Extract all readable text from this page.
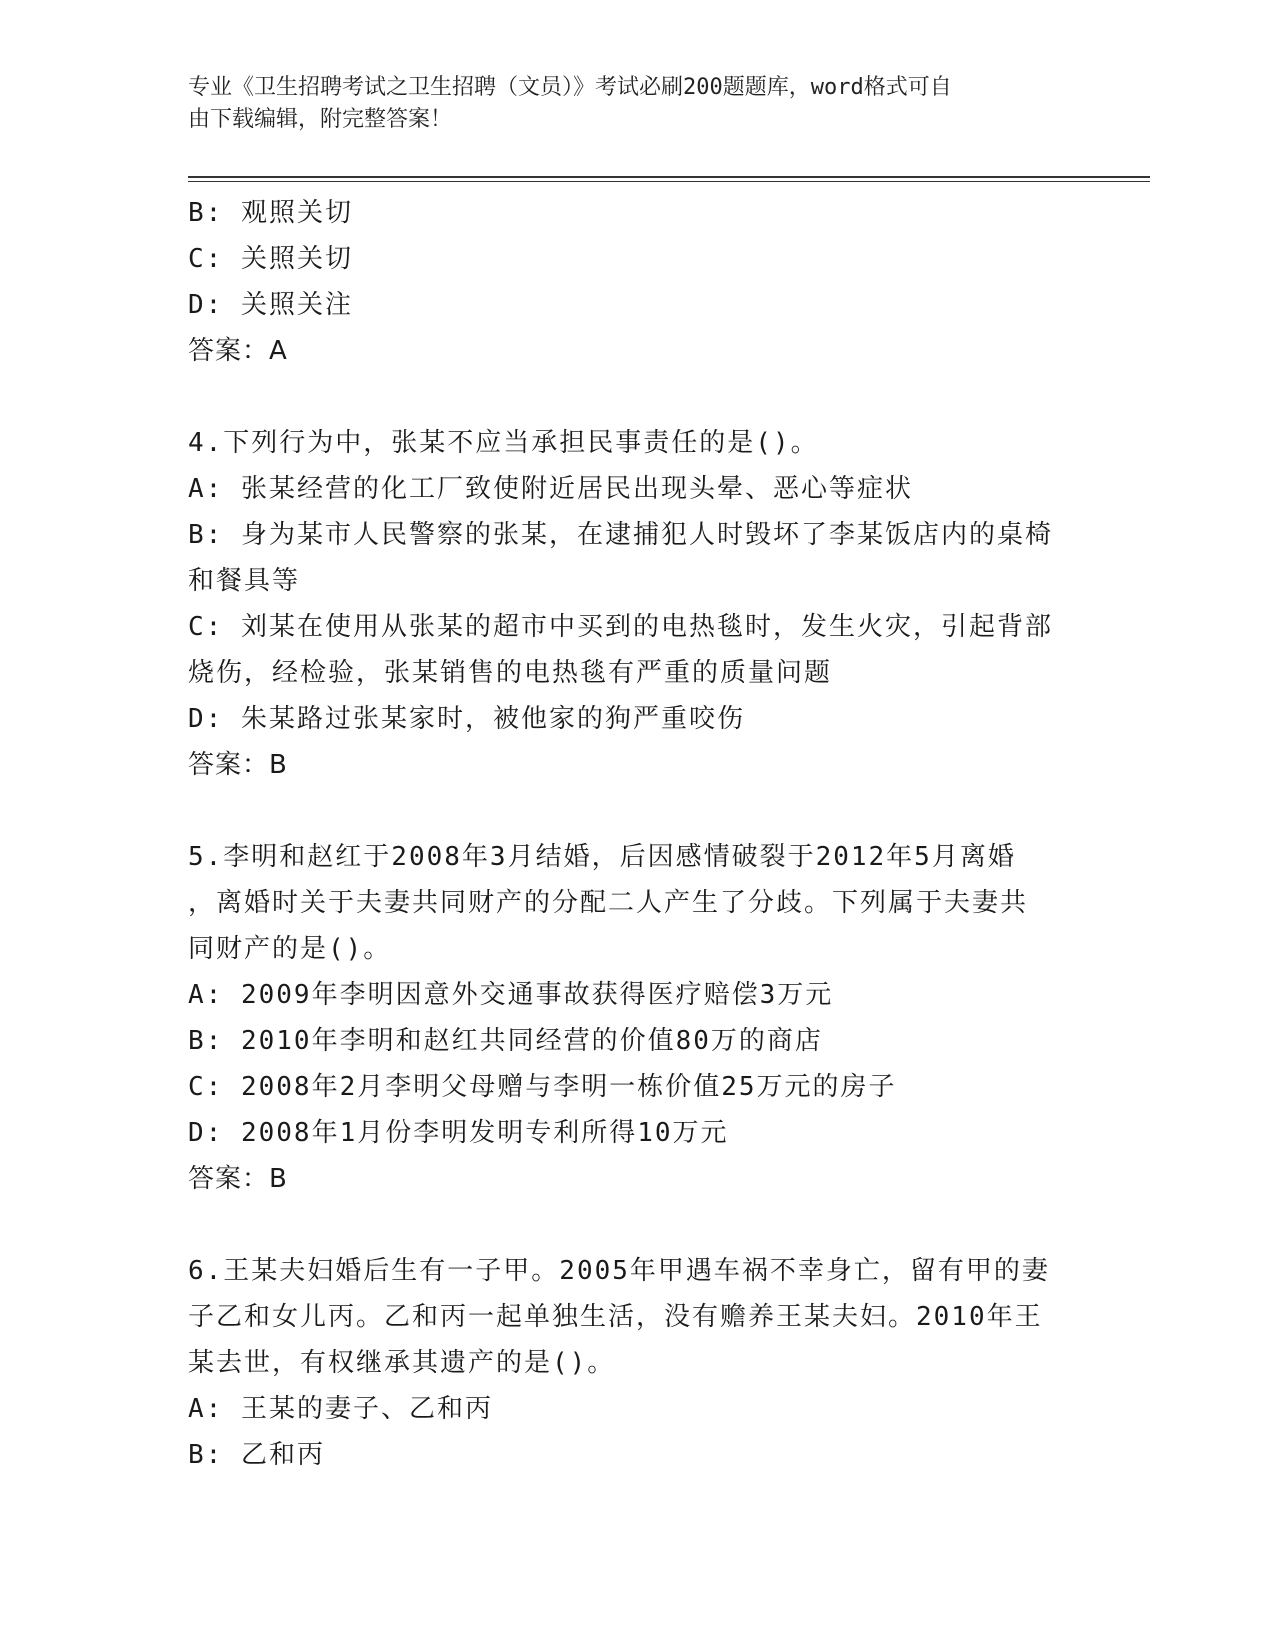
专业《卫生招聘考试之卫生招聘（文员）》考试必刷200题题库，word格式可自
由下载编辑，附完整答案！

B: 观照关切

C: 关照关切

D: 关照关注

答案：A

4.下列行为中，张某不应当承担民事责任的是()。

A: 张某经营的化工厂致使附近居民出现头晕、恶心等症状

B: 身为某市人民警察的张某，在逮捕犯人时毁坏了李某饭店内的桌椅

和餐具等

C: 刘某在使用从张某的超市中买到的电热毯时，发生火灾，引起背部

烧伤，经检验，张某销售的电热毯有严重的质量问题

D: 朱某路过张某家时，被他家的狗严重咬伤

答案：B

5.李明和赵红于2008年3月结婚，后因感情破裂于2012年5月离婚

，离婚时关于夫妻共同财产的分配二人产生了分歧。下列属于夫妻共

同财产的是()。

A: 2009年李明因意外交通事故获得医疗赔偿3万元

B: 2010年李明和赵红共同经营的价值80万的商店

C: 2008年2月李明父母赠与李明一栋价值25万元的房子

D: 2008年1月份李明发明专利所得10万元

答案：B

6.王某夫妇婚后生有一子甲。2005年甲遇车祸不幸身亡，留有甲的妻

子乙和女儿丙。乙和丙一起单独生活，没有赡养王某夫妇。2010年王

某去世，有权继承其遗产的是()。

A: 王某的妻子、乙和丙

B: 乙和丙
